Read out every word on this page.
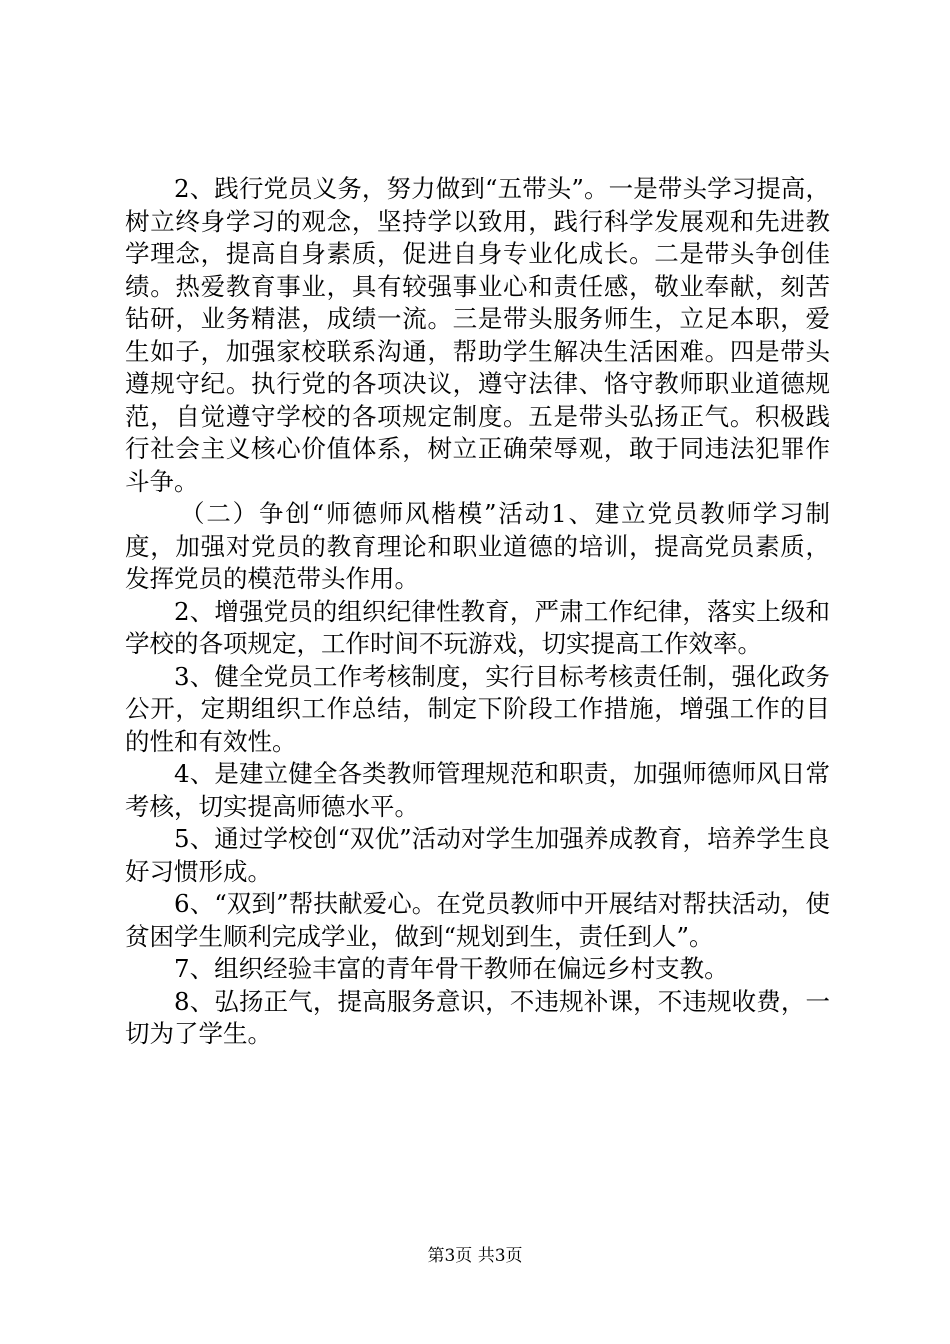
2、践行党员义务，努力做到“五带头”。一是带头学习提高，树立终身学习的观念，坚持学以致用，践行科学发展观和先进教学理念，提高自身素质，促进自身专业化成长。二是带头争创佳绩。热爱教育事业，具有较强事业心和责任感，敬业奉献，刻苦钻研，业务精湛，成绩一流。三是带头服务师生，立足本职，爱生如子，加强家校联系沟通，帮助学生解决生活困难。四是带头遵规守纪。执行党的各项决议，遵守法律、恪守教师职业道德规范，自觉遵守学校的各项规定制度。五是带头弘扬正气。积极践行社会主义核心价值体系，树立正确荣辱观，敢于同违法犯罪作斗争。

（二）争创“师德师风楷模”活动1、建立党员教师学习制度，加强对党员的教育理论和职业道德的培训，提高党员素质，发挥党员的模范带头作用。

2、增强党员的组织纪律性教育，严肃工作纪律，落实上级和学校的各项规定，工作时间不玩游戏，切实提高工作效率。

3、健全党员工作考核制度，实行目标考核责任制，强化政务公开，定期组织工作总结，制定下阶段工作措施，增强工作的目的性和有效性。

4、是建立健全各类教师管理规范和职责，加强师德师风日常考核，切实提高师德水平。

5、通过学校创“双优”活动对学生加强养成教育，培养学生良好习惯形成。

6、“双到”帮扶献爱心。在党员教师中开展结对帮扶活动，使贫困学生顺利完成学业，做到“规划到生，责任到人”。

7、组织经验丰富的青年骨干教师在偏远乡村支教。

8、弘扬正气，提高服务意识，不违规补课，不违规收费，一切为了学生。

第3页 共3页
